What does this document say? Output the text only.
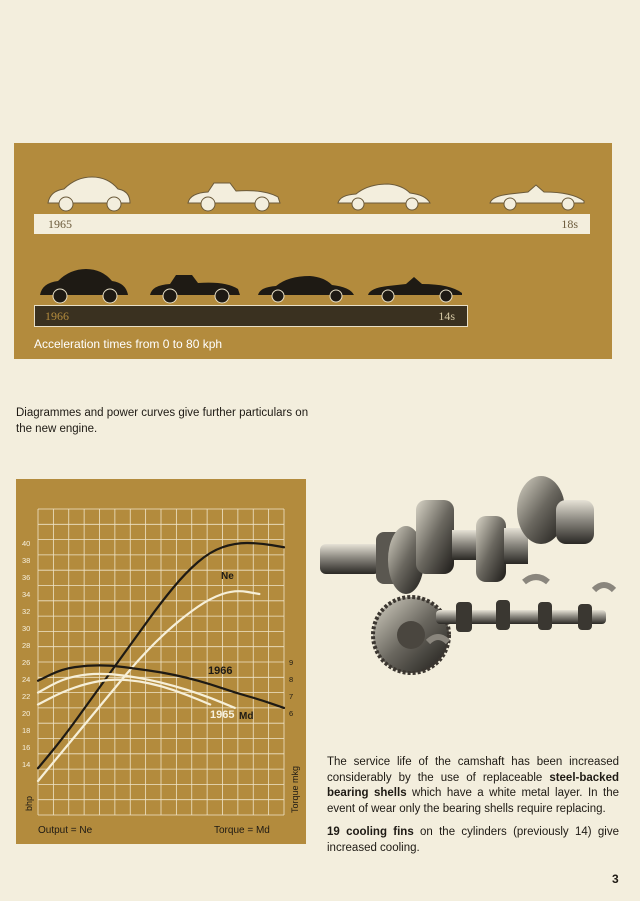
1965	18s
1966	14s
Acceleration times from 0 to 80 kph
Diagrammes and power curves give further particulars on the new engine.
14
16
18
20
22
24
26
28
30
32
34
36
38
40
6
7
8
9
Ne
1966
1965 Md
bhp	Torque mkg
Output = Ne	Torque = Md

The service life of the camshaft has been increased considerably by the use of replaceable steel-backed bearing shells which have a white metal layer. In the event of wear only the bearing shells require replacing.

19 cooling fins on the cylinders (previously 14) give increased cooling.

3
